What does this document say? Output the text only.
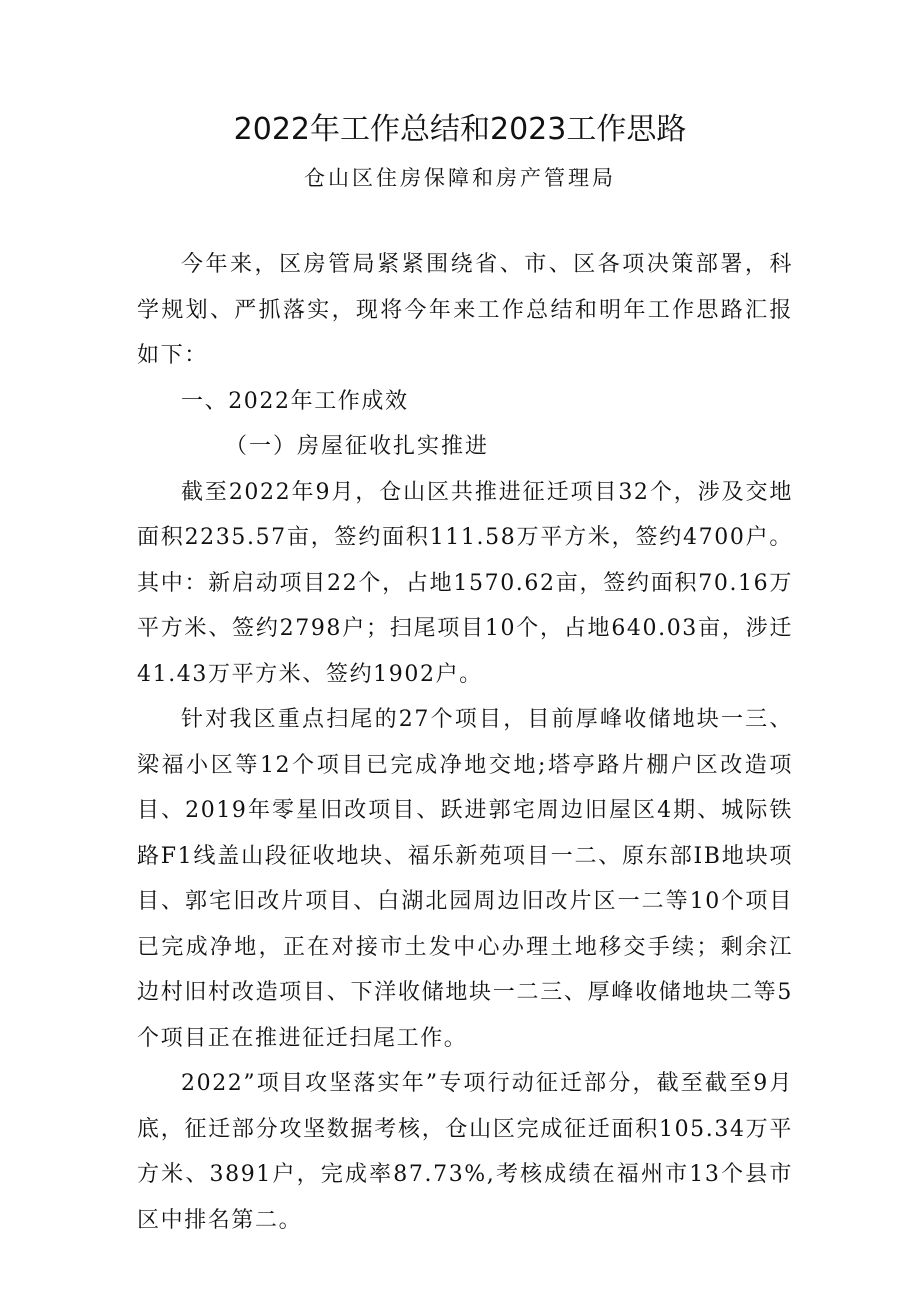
2022年工作总结和2023工作思路
仓山区住房保障和房产管理局

今年来，区房管局紧紧围绕省、市、区各项决策部署，科学规划、严抓落实，现将今年来工作总结和明年工作思路汇报如下：

一、2022年工作成效

（一）房屋征收扎实推进

截至2022年9月，仓山区共推进征迁项目32个，涉及交地面积2235.57亩，签约面积111.58万平方米，签约4700户。其中：新启动项目22个，占地1570.62亩，签约面积70.16万平方米、签约2798户；扫尾项目10个，占地640.03亩，涉迁41.43万平方米、签约1902户。

针对我区重点扫尾的27个项目，目前厚峰收储地块一三、梁福小区等12个项目已完成净地交地;塔亭路片棚户区改造项目、2019年零星旧改项目、跃进郭宅周边旧屋区4期、城际铁路F1线盖山段征收地块、福乐新苑项目一二、原东部IB地块项目、郭宅旧改片项目、白湖北园周边旧改片区一二等10个项目已完成净地，正在对接市土发中心办理土地移交手续；剩余江边村旧村改造项目、下洋收储地块一二三、厚峰收储地块二等5个项目正在推进征迁扫尾工作。

2022”项目攻坚落实年”专项行动征迁部分，截至截至9月底，征迁部分攻坚数据考核，仓山区完成征迁面积105.34万平方米、3891户，完成率87.73%,考核成绩在福州市13个县市区中排名第二。
